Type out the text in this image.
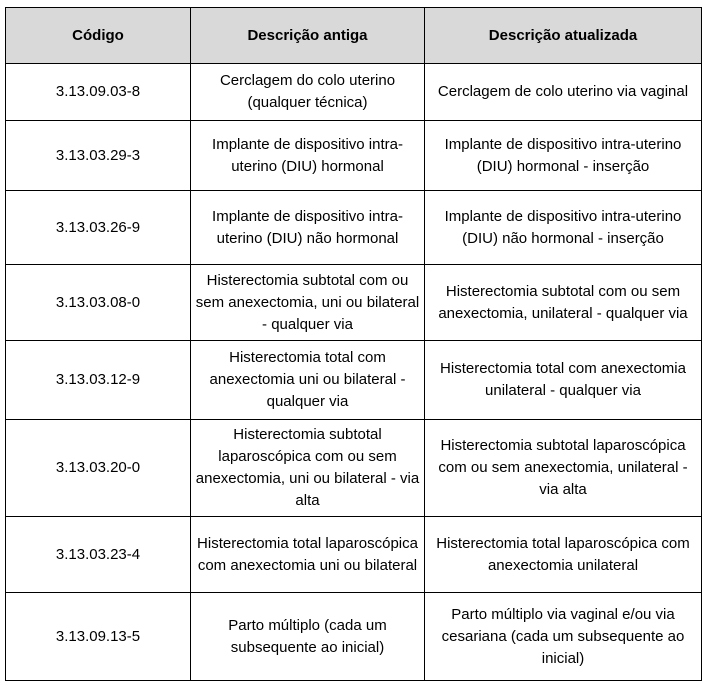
Código	Descrição antiga	Descrição atualizada
3.13.09.03-8	Cerclagem do colo uterino (qualquer técnica)	Cerclagem de colo uterino via vaginal
3.13.03.29-3	Implante de dispositivo intra-uterino (DIU) hormonal	Implante de dispositivo intra-uterino (DIU) hormonal - inserção
3.13.03.26-9	Implante de dispositivo intra-uterino (DIU) não hormonal	Implante de dispositivo intra-uterino (DIU) não hormonal - inserção
3.13.03.08-0	Histerectomia subtotal com ou sem anexectomia, uni ou bilateral - qualquer via	Histerectomia subtotal com ou sem anexectomia, unilateral - qualquer via
3.13.03.12-9	Histerectomia total com anexectomia uni ou bilateral - qualquer via	Histerectomia total com anexectomia unilateral - qualquer via
3.13.03.20-0	Histerectomia subtotal laparoscópica com ou sem anexectomia, uni ou bilateral - via alta	Histerectomia subtotal laparoscópica com ou sem anexectomia, unilateral - via alta
3.13.03.23-4	Histerectomia total laparoscópica com anexectomia uni ou bilateral	Histerectomia total laparoscópica com anexectomia unilateral
3.13.09.13-5	Parto múltiplo (cada um subsequente ao inicial)	Parto múltiplo via vaginal e/ou via cesariana (cada um subsequente ao inicial)
